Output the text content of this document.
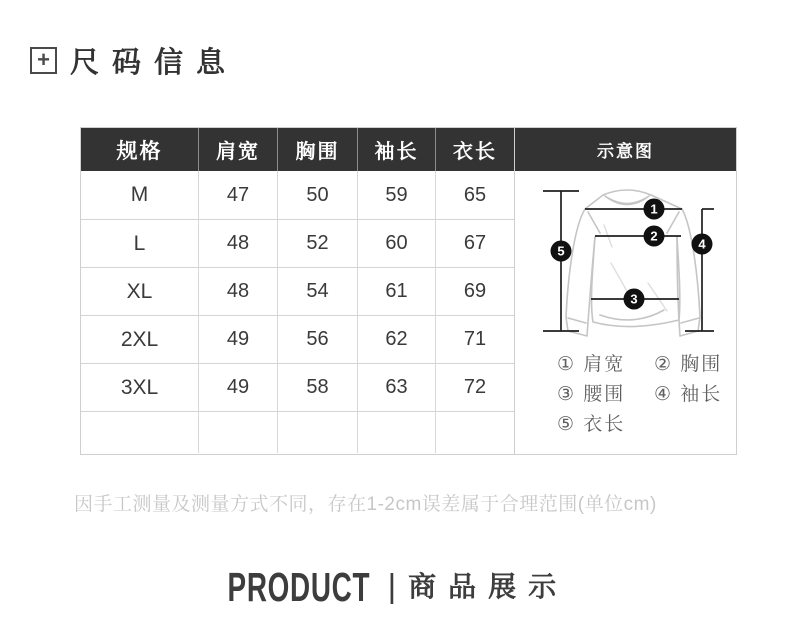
+ 尺码信息
规格	肩宽	胸围	袖长	衣长
M	47	50	59	65
L	48	52	60	67
XL	48	54	61	69
2XL	49	56	62	71
3XL	49	58	63	72
示意图
1
2
3
4
5
① 肩宽	② 胸围
③ 腰围	④ 袖长
⑤ 衣长
因手工测量及测量方式不同，存在1-2cm误差属于合理范围(单位cm)
PRODUCT | 商品展示
